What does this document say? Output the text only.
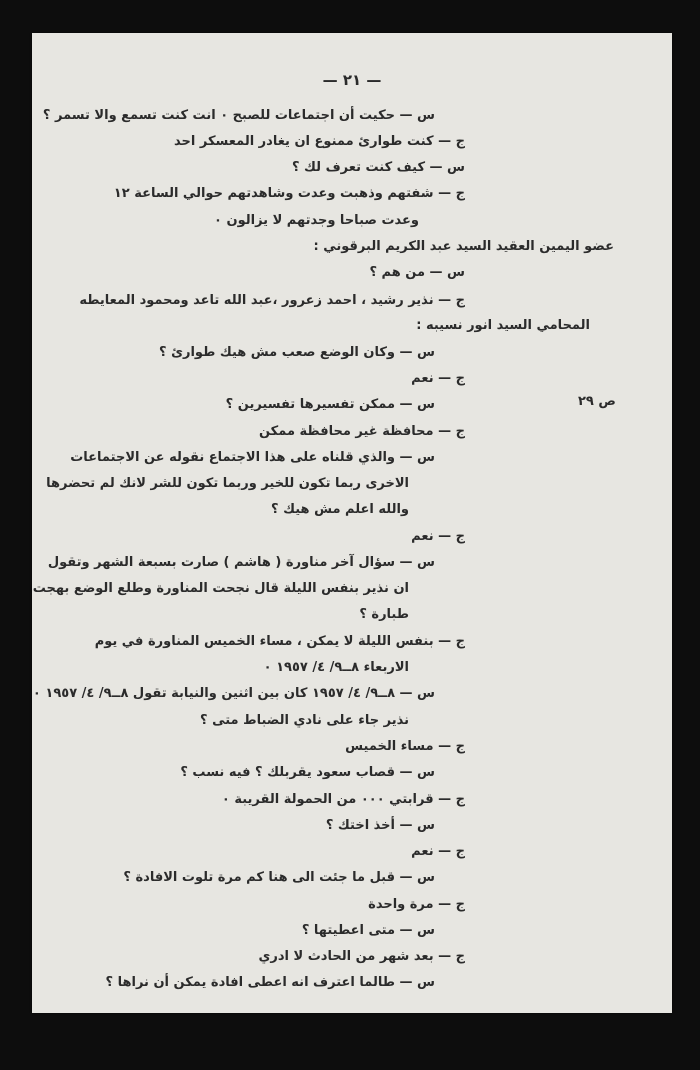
— ٢١ —
ص ٢٩
س — حكيت أن اجتماعات للصبح ٠ انت كنت تسمع والا تسمر ؟
ج — كنت طوارئ ممنوع ان يغادر المعسكر احد
س — كيف كنت تعرف لك ؟
ج — شفتهم وذهبت وعدت وشاهدتهم حوالي الساعة ١٢
وعدت صباحا وجدتهم لا يزالون ٠
عضو اليمين العقيد السيد عبد الكريم البرقوني :
س — من هم ؟
ج — نذير رشيد ، احمد زعرور ،عبد الله تاعد ومحمود المعايطه
المحامي السيد انور نسيبه :
س — وكان الوضع صعب مش هيك طوارئ ؟
ج — نعم
س — ممكن تفسيرها تفسيرين ؟
ج — محافظة غير محافظة ممكن
س — والذي قلناه على هذا الاجتماع نقوله عن الاجتماعات
الاخرى ربما تكون للخير وربما تكون للشر لانك لم تحضرها
والله اعلم مش هيك ؟
ج — نعم
س — سؤال آخر مناورة ( هاشم ) صارت بسبعة الشهر وتقول
ان نذير بنفس الليلة قال نجحت المناورة وطلع الوضع بهجت
طبارة ؟
ج — بنفس الليلة لا يمكن ، مساء الخميس المناورة في يوم
الاربعاء ٨ــ٩/ ٤/ ١٩٥٧ ٠
س — ٨ــ٩/ ٤/ ١٩٥٧ كان بين اثنين والنيابة تقول ٨ــ٩/ ٤/ ١٩٥٧ ٠
نذير جاء على نادي الضباط متى ؟
ج — مساء الخميس
س — قصاب سعود يقربلك ؟ فيه نسب ؟
ج — قرابتي ٠٠٠ من الحمولة القريبة ٠
س — أخذ اختك ؟
ج — نعم
س — قبل ما جئت الى هنا كم مرة تلوت الافادة ؟
ج — مرة واحدة
س — متى اعطيتها ؟
ج — بعد شهر من الحادث لا ادري
س — طالما اعترف انه اعطى افادة يمكن أن نراها ؟
